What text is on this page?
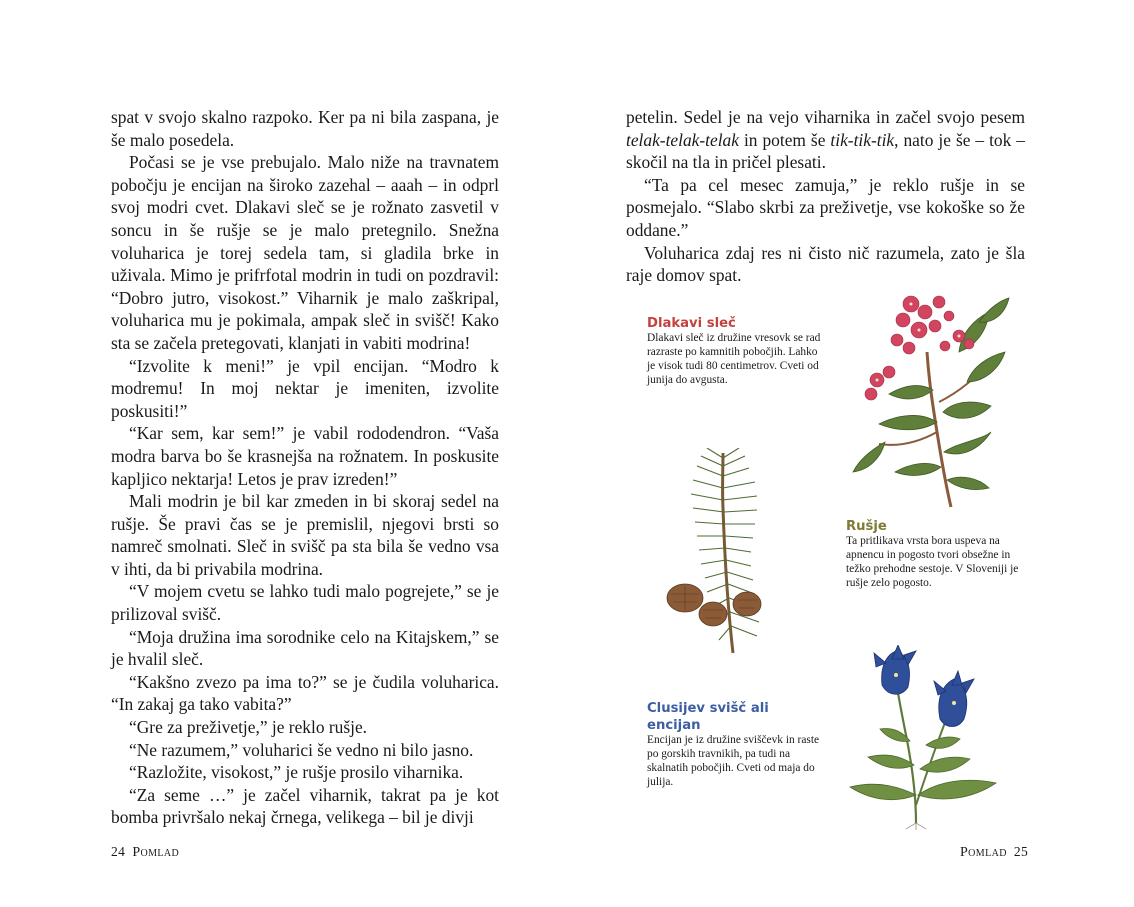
spat v svojo skalno razpoko. Ker pa ni bila zaspana, je še malo posedela.

Počasi se je vse prebujalo. Malo niže na travnatem pobočju je encijan na široko zazehal – aaah – in odprl svoj modri cvet. Dlakavi sleč se je rožnato zasvetil v soncu in še rušje se je malo pretegnilo. Snežna voluharica je torej sedela tam, si gladila brke in uživala. Mimo je prifrfotal modrin in tudi on pozdravil: “Dobro jutro, visokost.” Viharnik je malo zaškripal, voluharica mu je pokimala, ampak sleč in svišč! Kako sta se začela pretegovati, klanjati in vabiti modrina!

“Izvolite k meni!” je vpil encijan. “Modro k modremu! In moj nektar je imeniten, izvolite poskusiti!”

“Kar sem, kar sem!” je vabil rododendron. “Vaša modra barva bo še krasnejša na rožnatem. In poskusite kapljico nektarja! Letos je prav izreden!”

Mali modrin je bil kar zmeden in bi skoraj sedel na rušje. Še pravi čas se je premislil, njegovi brsti so namreč smolnati. Sleč in svišč pa sta bila še vedno vsa v ihti, da bi privabila modrina.

“V mojem cvetu se lahko tudi malo pogrejete,” se je prilizoval svišč.

“Moja družina ima sorodnike celo na Kitajskem,” se je hvalil sleč.

“Kakšno zvezo pa ima to?” se je čudila voluharica. “In zakaj ga tako vabita?”

“Gre za preživetje,” je reklo rušje.

“Ne razumem,” voluharici še vedno ni bilo jasno.

“Razložite, visokost,” je rušje prosilo viharnika.

“Za seme …” je začel viharnik, takrat pa je kot bomba privršalo nekaj črnega, velikega – bil je divji

24 Pomlad

petelin. Sedel je na vejo viharnika in začel svojo pesem telak-telak-telak in potem še tik-tik-tik, nato je še – tok – skočil na tla in pričel plesati.

“Ta pa cel mesec zamuja,” je reklo rušje in se posmejalo. “Slabo skrbi za preživetje, vse kokoške so že oddane.”

Voluharica zdaj res ni čisto nič razumela, zato je šla raje domov spat.

Dlakavi sleč
Dlakavi sleč iz družine vresovk se rad razraste po kamnitih pobočjih. Lahko je visok tudi 80 centimetrov. Cveti od junija do avgusta.
Rušje
Ta pritlikava vrsta bora uspeva na apnencu in pogosto tvori obsežne in težko prehodne sestoje. V Sloveniji je rušje zelo pogosto.
Clusijev svišč ali encijan
Encijan je iz družine sviščevk in raste po gorskih travnikih, pa tudi na skalnatih pobočjih. Cveti od maja do julija.
Pomlad 25
